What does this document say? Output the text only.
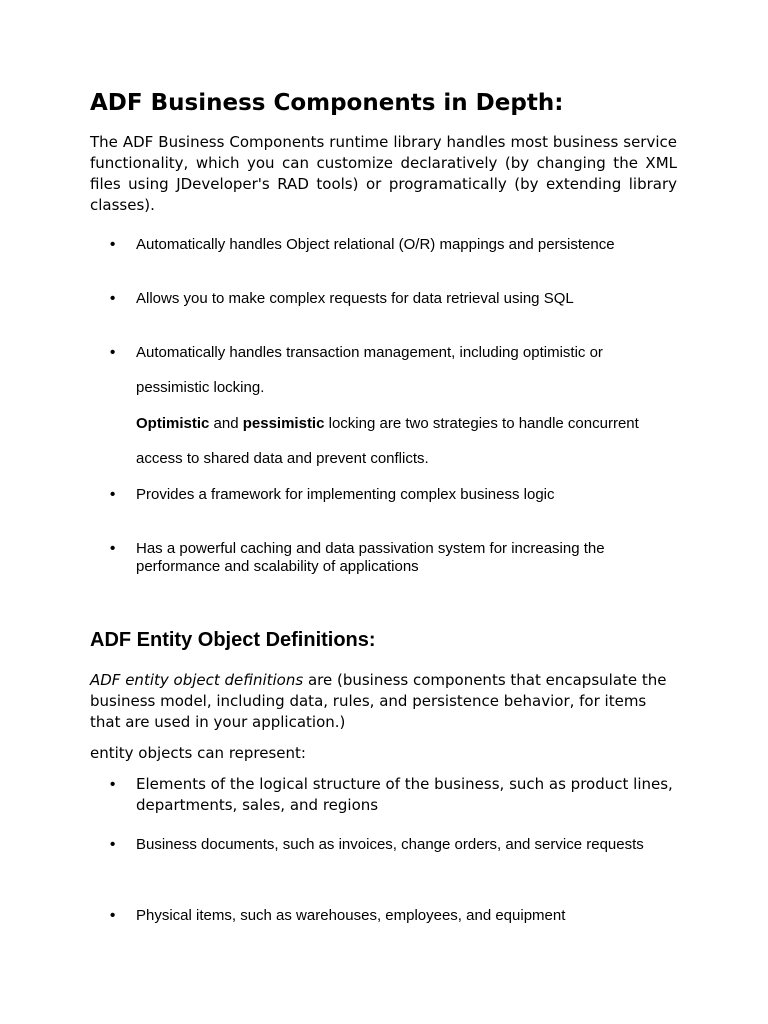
ADF Business Components in Depth:

The ADF Business Components runtime library handles most business service functionality, which you can customize declaratively (by changing the XML files using JDeveloper's RAD tools) or programatically (by extending library classes).

•	Automatically handles Object relational (O/R) mappings and persistence
•	Allows you to make complex requests for data retrieval using SQL
•	Automatically handles transaction management, including optimistic or
pessimistic locking.
Optimistic and pessimistic locking are two strategies to handle concurrent
access to shared data and prevent conflicts.
•	Provides a framework for implementing complex business logic
•	Has a powerful caching and data passivation system for increasing the performance and scalability of applications
ADF Entity Object Definitions:

ADF entity object definitions are (business components that encapsulate the business model, including data, rules, and persistence behavior, for items that are used in your application.)

entity objects can represent:

•	Elements of the logical structure of the business, such as product lines, departments, sales, and regions
•	Business documents, such as invoices, change orders, and service requests
•	Physical items, such as warehouses, employees, and equipment
